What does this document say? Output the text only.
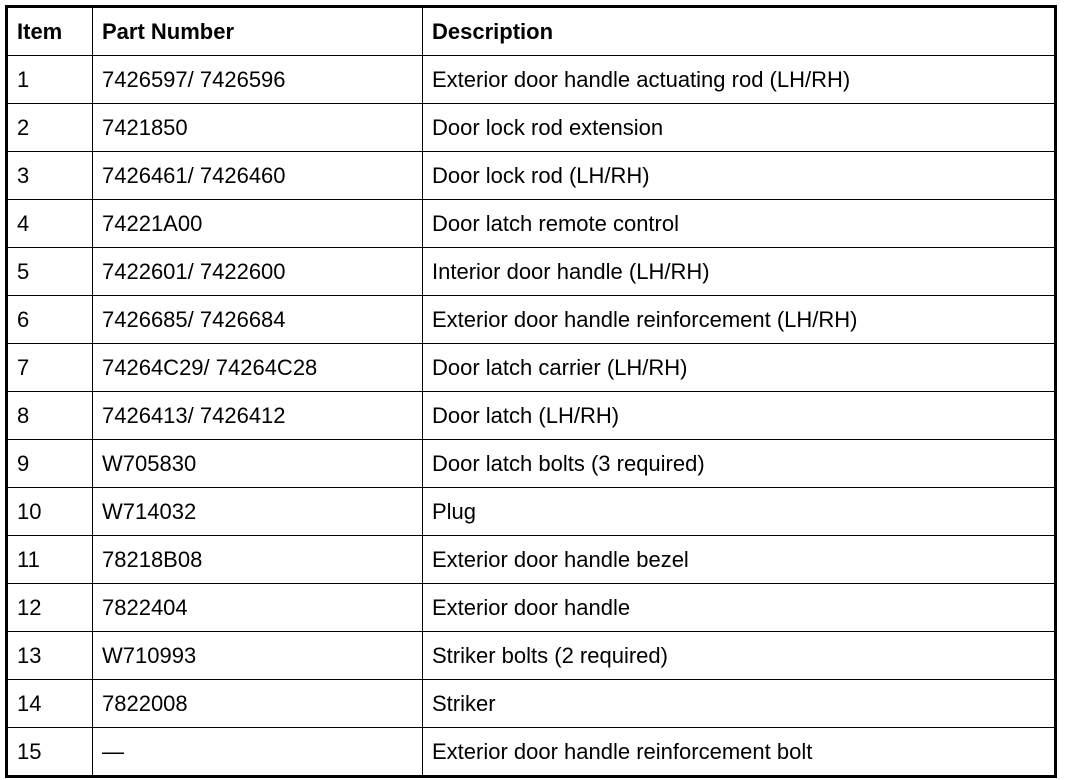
Item	Part Number	Description
1	7426597/ 7426596	Exterior door handle actuating rod (LH/RH)
2	7421850	Door lock rod extension
3	7426461/ 7426460	Door lock rod (LH/RH)
4	74221A00	Door latch remote control
5	7422601/ 7422600	Interior door handle (LH/RH)
6	7426685/ 7426684	Exterior door handle reinforcement (LH/RH)
7	74264C29/ 74264C28	Door latch carrier (LH/RH)
8	7426413/ 7426412	Door latch (LH/RH)
9	W705830	Door latch bolts (3 required)
10	W714032	Plug
11	78218B08	Exterior door handle bezel
12	7822404	Exterior door handle
13	W710993	Striker bolts (2 required)
14	7822008	Striker
15	—	Exterior door handle reinforcement bolt
